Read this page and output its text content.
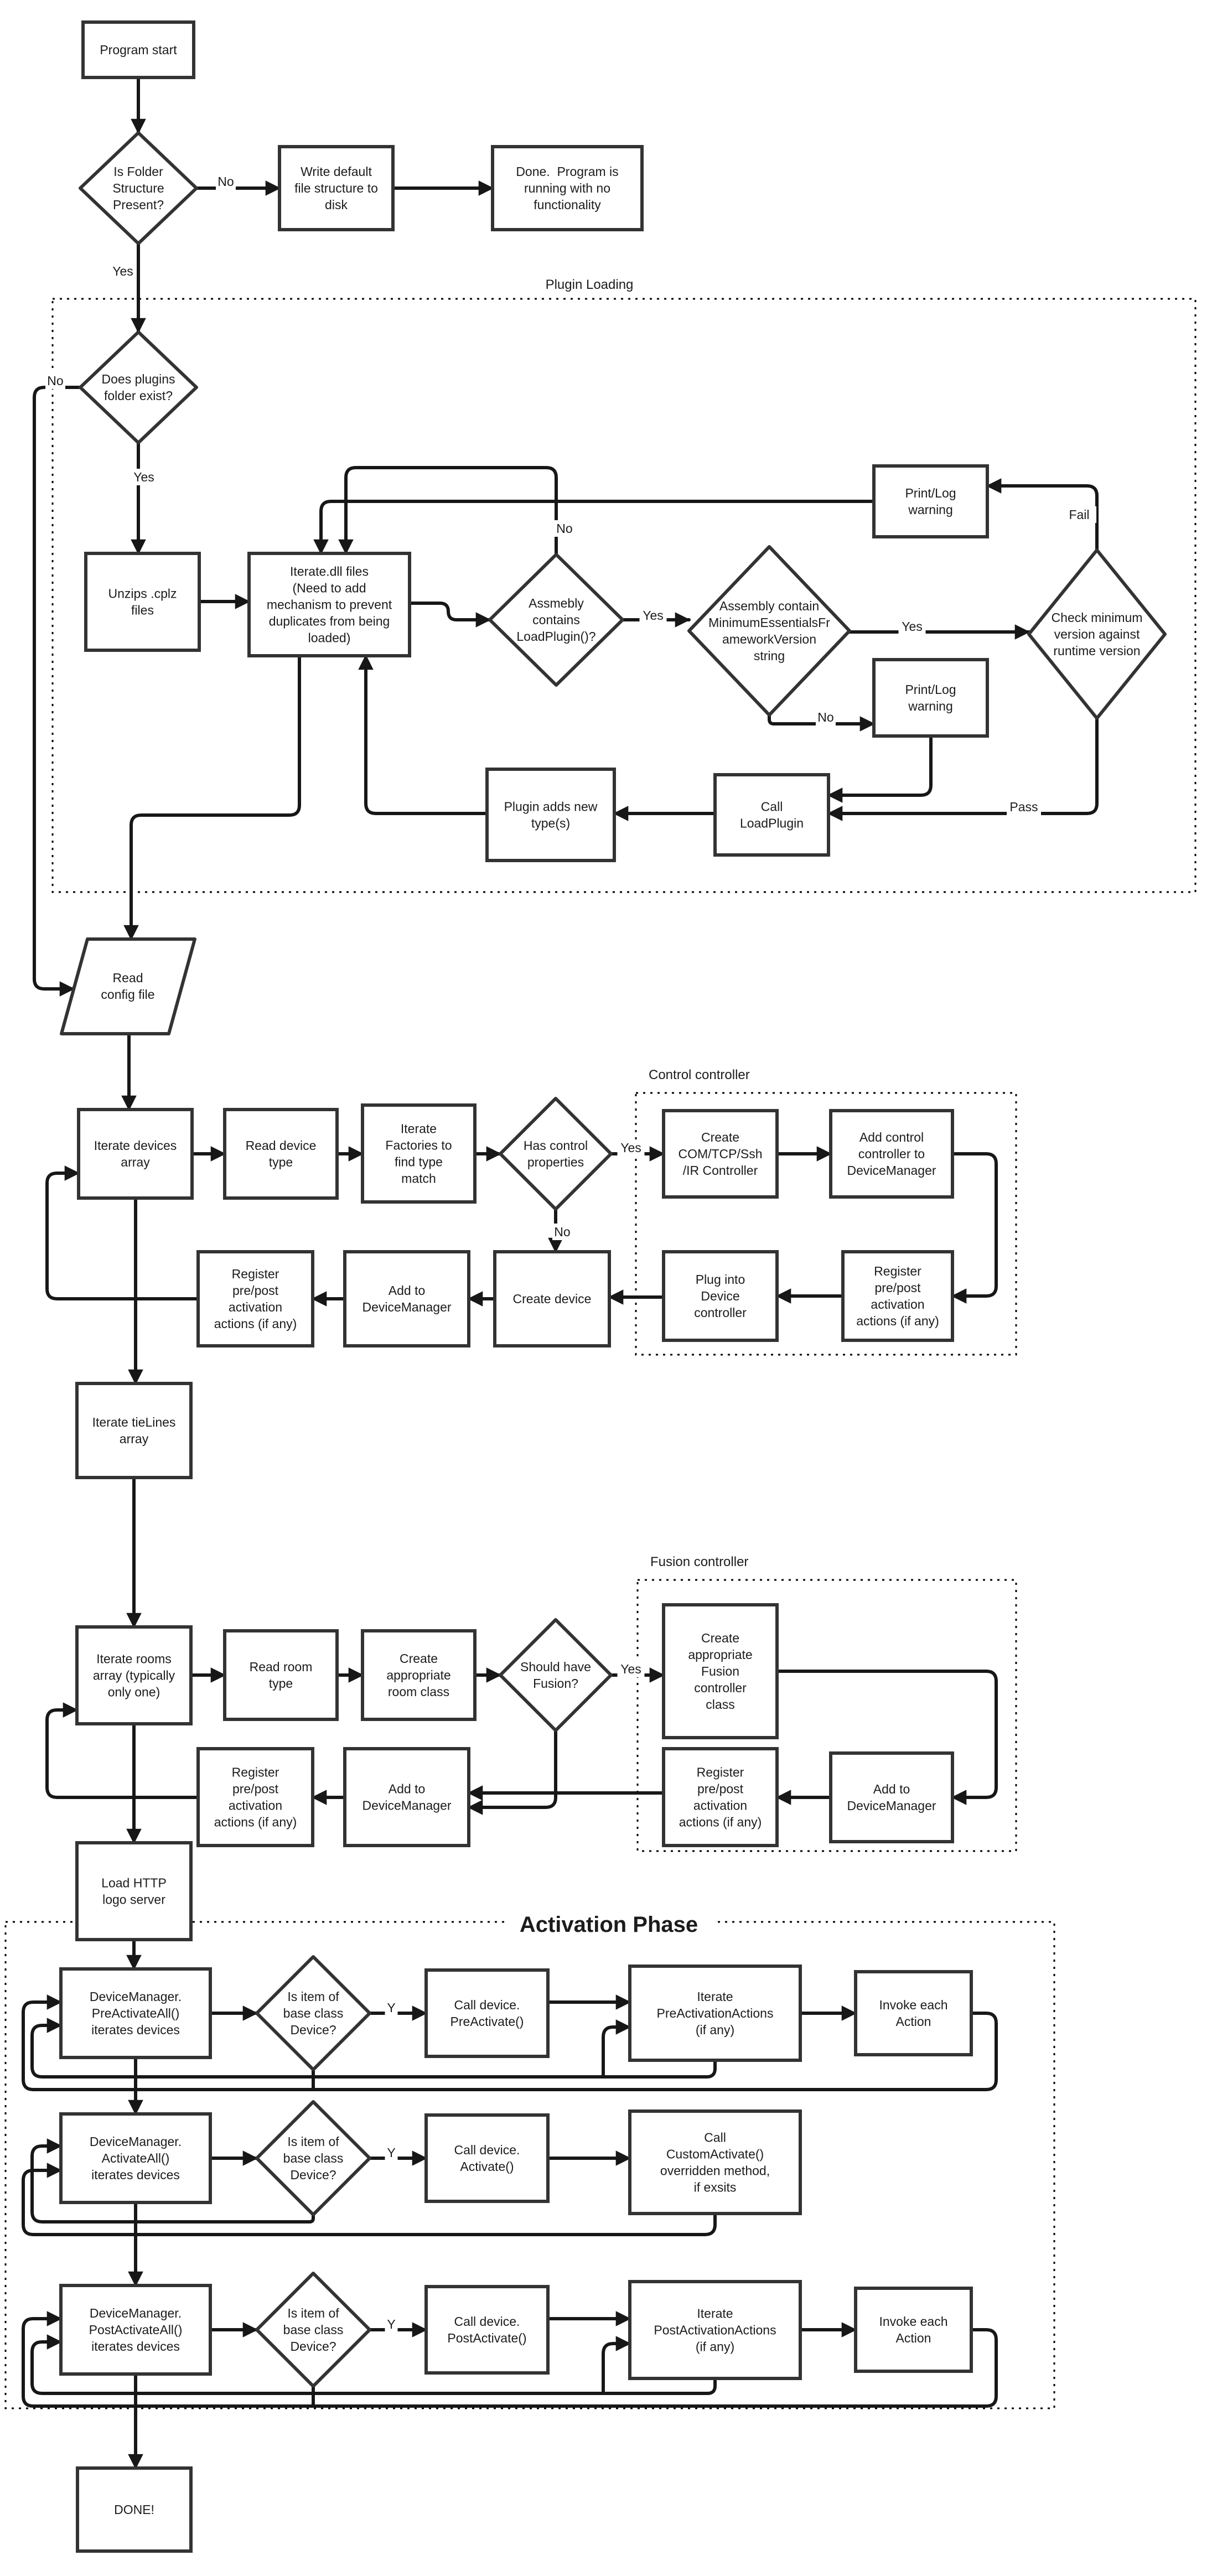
Plugin Loading
Control controller
Fusion controller
Activation Phase
No
Yes
No
Yes
No
Yes
Yes
Fail
No
Pass
Yes
No
Yes
Y
Y
Y
Program start
Is Folder Structure Present?
Write default file structure to disk
Done.  Program is running with no functionality
Does plugins folder exist?
Unzips .cplz files
Iterate.dll files (Need to add mechanism to prevent duplicates from being loaded)
Assmebly contains LoadPlugin()?
Assembly contain MinimumEssentialsFr ameworkVersion string
Check minimum version against runtime version
Print/Log warning
Print/Log warning
Plugin adds new type(s)
Call LoadPlugin
Read config file
Iterate devices array
Read device type
Iterate Factories to find type match
Has control properties
Create COM/TCP/Ssh /IR Controller
Add control controller to DeviceManager
Register pre/post activation actions (if any)
Plug into Device controller
Create device
Add to DeviceManager
Register pre/post activation actions (if any)
Iterate tieLines array
Iterate rooms array (typically only one)
Read room type
Create appropriate room class
Should have Fusion?
Create appropriate Fusion controller class
Add to DeviceManager
Register pre/post activation actions (if any)
Add to DeviceManager
Register pre/post activation actions (if any)
Load HTTP logo server
DeviceManager. PreActivateAll() iterates devices
Is item of base class Device?
Call device. PreActivate()
Iterate PreActivationActions (if any)
Invoke each Action
DeviceManager. ActivateAll() iterates devices
Is item of base class Device?
Call device. Activate()
Call CustomActivate() overridden method, if exsits
DeviceManager. PostActivateAll() iterates devices
Is item of base class Device?
Call device. PostActivate()
Iterate PostActivationActions (if any)
Invoke each Action
DONE!
